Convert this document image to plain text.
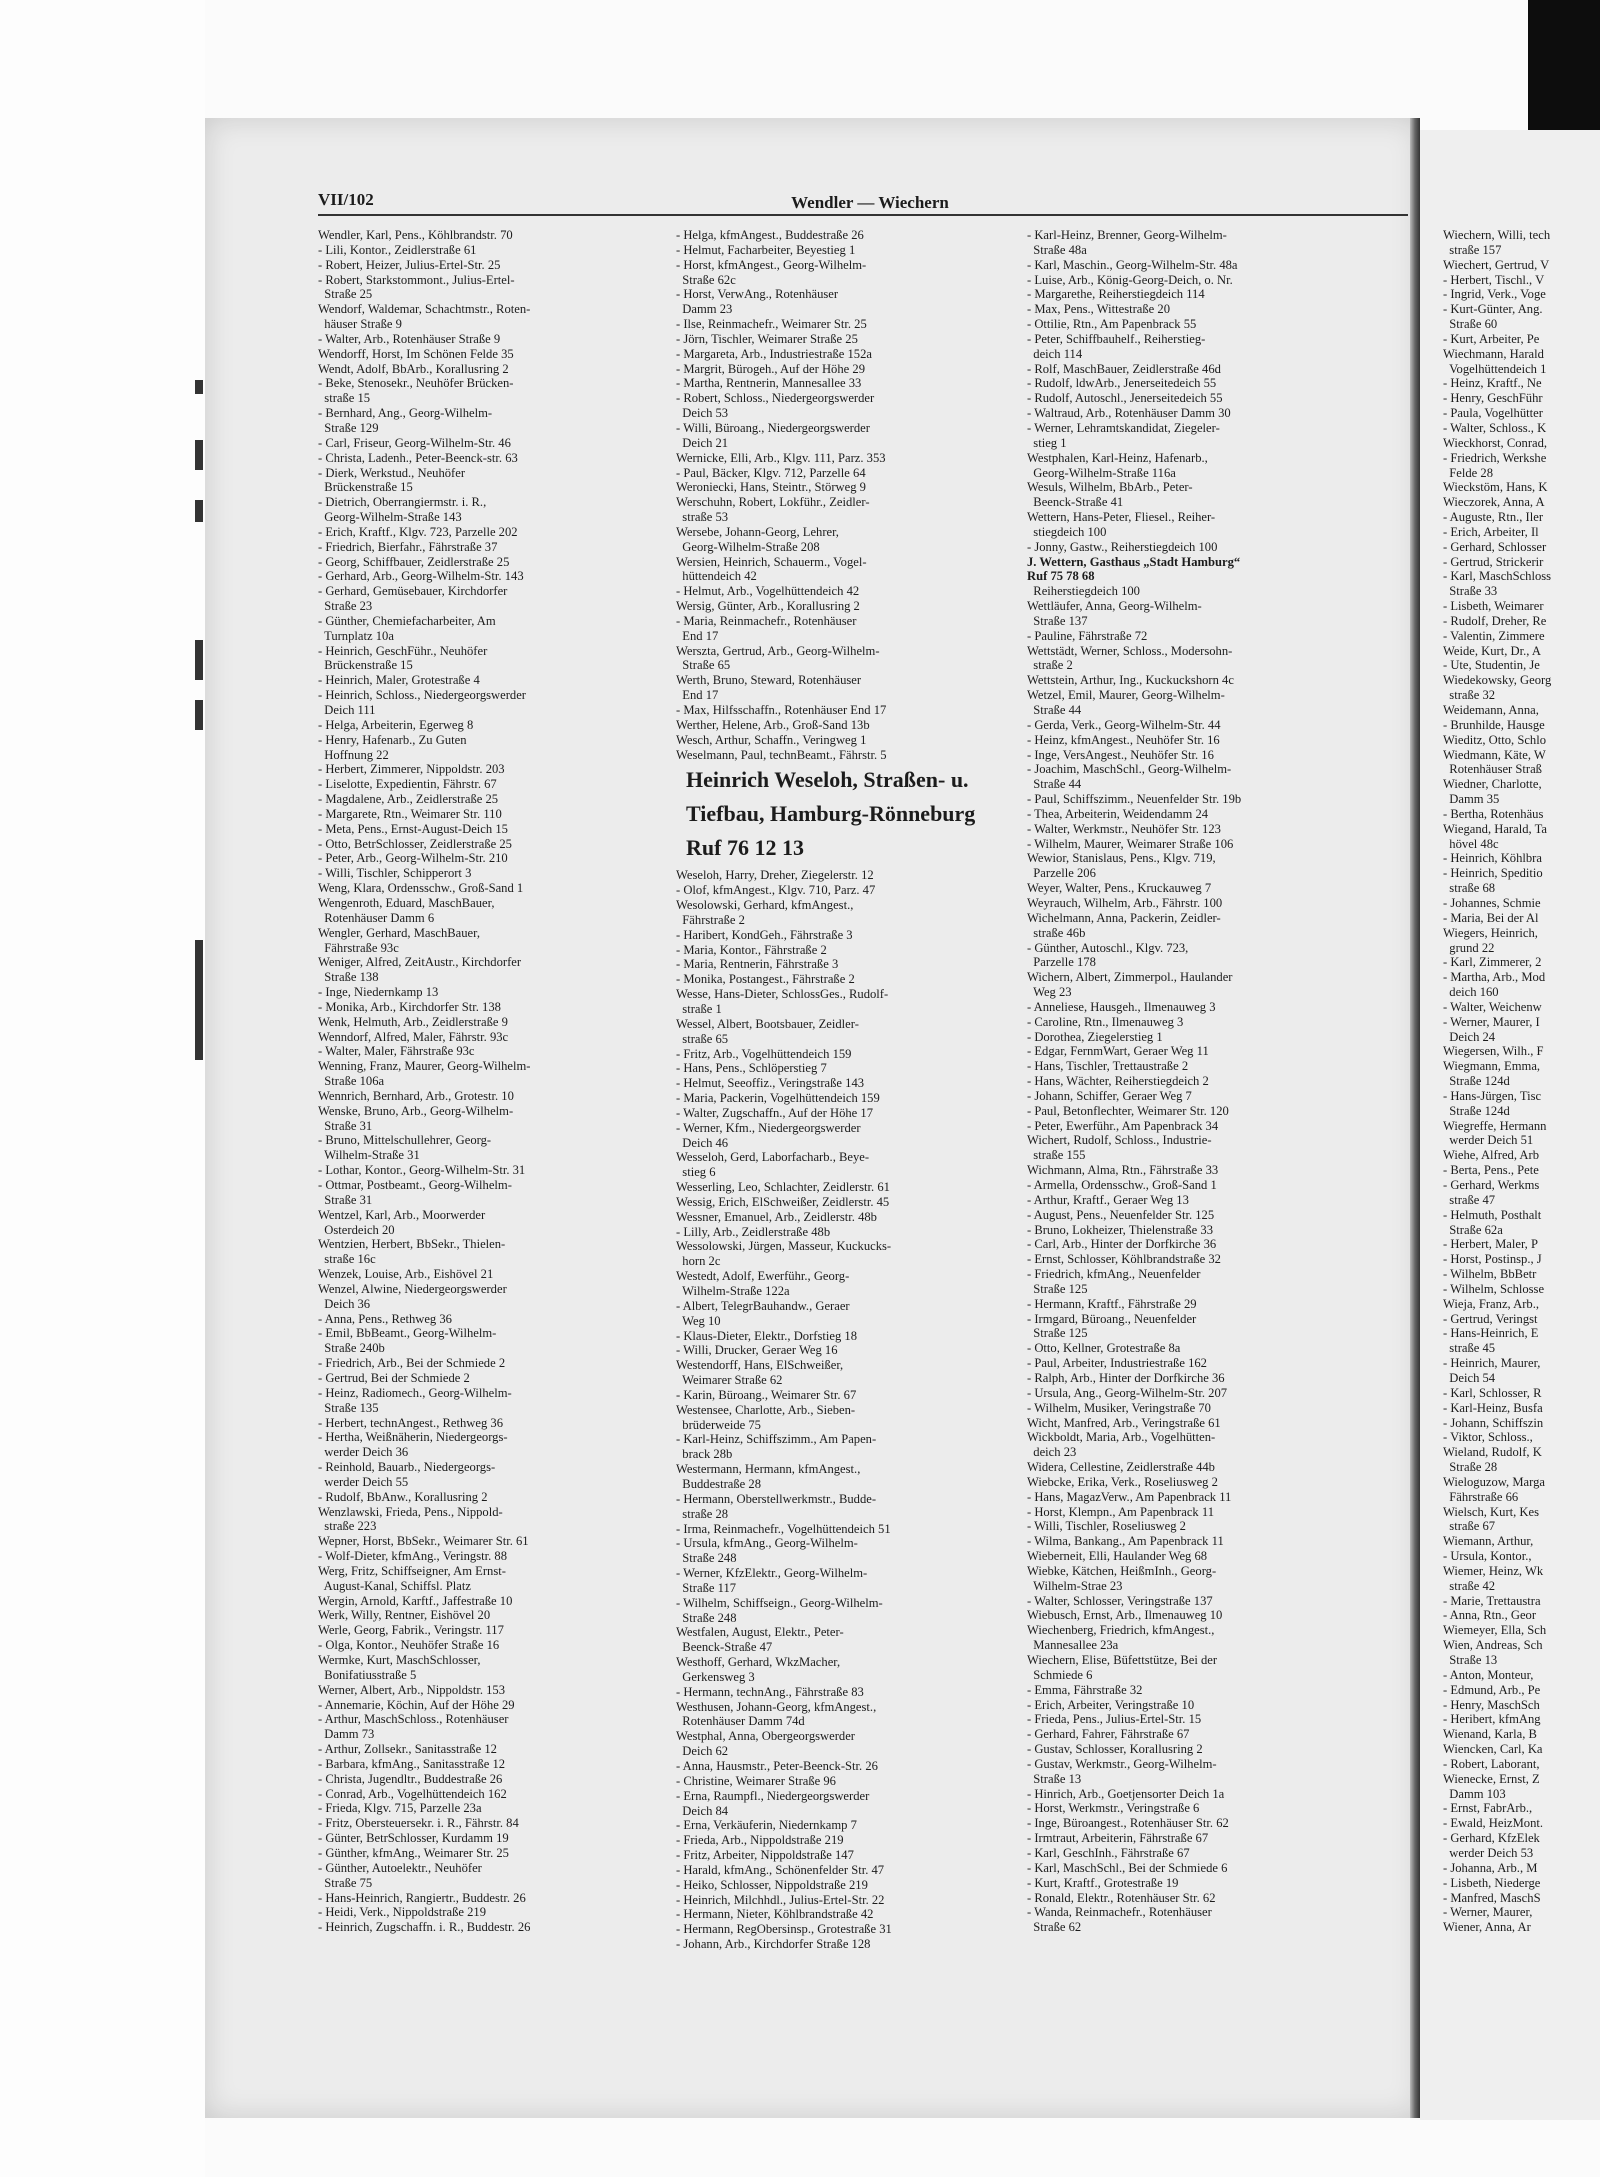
VII/102	Wendler — Wiechern
Wendler, Karl, Pens., Köhlbrandstr. 70
- Lili, Kontor., Zeidlerstraße 61
- Robert, Heizer, Julius-Ertel-Str. 25
- Robert, Starkstommont., Julius-Ertel-
Straße 25
Wendorf, Waldemar, Schachtmstr., Roten-
häuser Straße 9
- Walter, Arb., Rotenhäuser Straße 9
Wendorff, Horst, Im Schönen Felde 35
Wendt, Adolf, BbArb., Korallusring 2
- Beke, Stenosekr., Neuhöfer Brücken-
straße 15
- Bernhard, Ang., Georg-Wilhelm-
Straße 129
- Carl, Friseur, Georg-Wilhelm-Str. 46
- Christa, Ladenh., Peter-Beenck-str. 63
- Dierk, Werkstud., Neuhöfer
Brückenstraße 15
- Dietrich, Oberrangiermstr. i. R.,
Georg-Wilhelm-Straße 143
- Erich, Kraftf., Klgv. 723, Parzelle 202
- Friedrich, Bierfahr., Fährstraße 37
- Georg, Schiffbauer, Zeidlerstraße 25
- Gerhard, Arb., Georg-Wilhelm-Str. 143
- Gerhard, Gemüsebauer, Kirchdorfer
Straße 23
- Günther, Chemiefacharbeiter, Am
Turnplatz 10a
- Heinrich, GeschFühr., Neuhöfer
Brückenstraße 15
- Heinrich, Maler, Grotestraße 4
- Heinrich, Schloss., Niedergeorgswerder
Deich 111
- Helga, Arbeiterin, Egerweg 8
- Henry, Hafenarb., Zu Guten
Hoffnung 22
- Herbert, Zimmerer, Nippoldstr. 203
- Liselotte, Expedientin, Fährstr. 67
- Magdalene, Arb., Zeidlerstraße 25
- Margarete, Rtn., Weimarer Str. 110
- Meta, Pens., Ernst-August-Deich 15
- Otto, BetrSchlosser, Zeidlerstraße 25
- Peter, Arb., Georg-Wilhelm-Str. 210
- Willi, Tischler, Schipperort 3
Weng, Klara, Ordensschw., Groß-Sand 1
Wengenroth, Eduard, MaschBauer,
Rotenhäuser Damm 6
Wengler, Gerhard, MaschBauer,
Fährstraße 93c
Weniger, Alfred, ZeitAustr., Kirchdorfer
Straße 138
- Inge, Niedernkamp 13
- Monika, Arb., Kirchdorfer Str. 138
Wenk, Helmuth, Arb., Zeidlerstraße 9
Wenndorf, Alfred, Maler, Fährstr. 93c
- Walter, Maler, Fährstraße 93c
Wenning, Franz, Maurer, Georg-Wilhelm-
Straße 106a
Wennrich, Bernhard, Arb., Grotestr. 10
Wenske, Bruno, Arb., Georg-Wilhelm-
Straße 31
- Bruno, Mittelschullehrer, Georg-
Wilhelm-Straße 31
- Lothar, Kontor., Georg-Wilhelm-Str. 31
- Ottmar, Postbeamt., Georg-Wilhelm-
Straße 31
Wentzel, Karl, Arb., Moorwerder
Osterdeich 20
Wentzien, Herbert, BbSekr., Thielen-
straße 16c
Wenzek, Louise, Arb., Eishövel 21
Wenzel, Alwine, Niedergeorgswerder
Deich 36
- Anna, Pens., Rethweg 36
- Emil, BbBeamt., Georg-Wilhelm-
Straße 240b
- Friedrich, Arb., Bei der Schmiede 2
- Gertrud, Bei der Schmiede 2
- Heinz, Radiomech., Georg-Wilhelm-
Straße 135
- Herbert, technAngest., Rethweg 36
- Hertha, Weißnäherin, Niedergeorgs-
werder Deich 36
- Reinhold, Bauarb., Niedergeorgs-
werder Deich 55
- Rudolf, BbAnw., Korallusring 2
Wenzlawski, Frieda, Pens., Nippold-
straße 223
Wepner, Horst, BbSekr., Weimarer Str. 61
- Wolf-Dieter, kfmAng., Veringstr. 88
Werg, Fritz, Schiffseigner, Am Ernst-
August-Kanal, Schiffsl. Platz
Wergin, Arnold, Karftf., Jaffestraße 10
Werk, Willy, Rentner, Eishövel 20
Werle, Georg, Fabrik., Veringstr. 117
- Olga, Kontor., Neuhöfer Straße 16
Wermke, Kurt, MaschSchlosser,
Bonifatiusstraße 5
Werner, Albert, Arb., Nippoldstr. 153
- Annemarie, Köchin, Auf der Höhe 29
- Arthur, MaschSchloss., Rotenhäuser
Damm 73
- Arthur, Zollsekr., Sanitasstraße 12
- Barbara, kfmAng., Sanitasstraße 12
- Christa, Jugendltr., Buddestraße 26
- Conrad, Arb., Vogelhüttendeich 162
- Frieda, Klgv. 715, Parzelle 23a
- Fritz, Obersteuersekr. i. R., Fährstr. 84
- Günter, BetrSchlosser, Kurdamm 19
- Günther, kfmAng., Weimarer Str. 25
- Günther, Autoelektr., Neuhöfer
Straße 75
- Hans-Heinrich, Rangiertr., Buddestr. 26
- Heidi, Verk., Nippoldstraße 219
- Heinrich, Zugschaffn. i. R., Buddestr. 26
- Helga, kfmAngest., Buddestraße 26
- Helmut, Facharbeiter, Beyestieg 1
- Horst, kfmAngest., Georg-Wilhelm-
Straße 62c
- Horst, VerwAng., Rotenhäuser
Damm 23
- Ilse, Reinmachefr., Weimarer Str. 25
- Jörn, Tischler, Weimarer Straße 25
- Margareta, Arb., Industriestraße 152a
- Margrit, Bürogeh., Auf der Höhe 29
- Martha, Rentnerin, Mannesallee 33
- Robert, Schloss., Niedergeorgswerder
Deich 53
- Willi, Büroang., Niedergeorgswerder
Deich 21
Wernicke, Elli, Arb., Klgv. 111, Parz. 353
- Paul, Bäcker, Klgv. 712, Parzelle 64
Weroniecki, Hans, Steintr., Störweg 9
Werschuhn, Robert, Lokführ., Zeidler-
straße 53
Wersebe, Johann-Georg, Lehrer,
Georg-Wilhelm-Straße 208
Wersien, Heinrich, Schauerm., Vogel-
hüttendeich 42
- Helmut, Arb., Vogelhüttendeich 42
Wersig, Günter, Arb., Korallusring 2
- Maria, Reinmachefr., Rotenhäuser
End 17
Werszta, Gertrud, Arb., Georg-Wilhelm-
Straße 65
Werth, Bruno, Steward, Rotenhäuser
End 17
- Max, Hilfsschaffn., Rotenhäuser End 17
Werther, Helene, Arb., Groß-Sand 13b
Wesch, Arthur, Schaffn., Veringweg 1
Weselmann, Paul, technBeamt., Fährstr. 5
Heinrich Weseloh, Straßen- u.
Tiefbau, Hamburg-Rönneburg
Ruf 76 12 13
Weseloh, Harry, Dreher, Ziegelerstr. 12
- Olof, kfmAngest., Klgv. 710, Parz. 47
Wesolowski, Gerhard, kfmAngest.,
Fährstraße 2
- Haribert, KondGeh., Fährstraße 3
- Maria, Kontor., Fährstraße 2
- Maria, Rentnerin, Fährstraße 3
- Monika, Postangest., Fährstraße 2
Wesse, Hans-Dieter, SchlossGes., Rudolf-
straße 1
Wessel, Albert, Bootsbauer, Zeidler-
straße 65
- Fritz, Arb., Vogelhüttendeich 159
- Hans, Pens., Schlöperstieg 7
- Helmut, Seeoffiz., Veringstraße 143
- Maria, Packerin, Vogelhüttendeich 159
- Walter, Zugschaffn., Auf der Höhe 17
- Werner, Kfm., Niedergeorgswerder
Deich 46
Wesseloh, Gerd, Laborfacharb., Beye-
stieg 6
Wesserling, Leo, Schlachter, Zeidlerstr. 61
Wessig, Erich, ElSchweißer, Zeidlerstr. 45
Wessner, Emanuel, Arb., Zeidlerstr. 48b
- Lilly, Arb., Zeidlerstraße 48b
Wessolowski, Jürgen, Masseur, Kuckucks-
horn 2c
Westedt, Adolf, Ewerführ., Georg-
Wilhelm-Straße 122a
- Albert, TelegrBauhandw., Geraer
Weg 10
- Klaus-Dieter, Elektr., Dorfstieg 18
- Willi, Drucker, Geraer Weg 16
Westendorff, Hans, ElSchweißer,
Weimarer Straße 62
- Karin, Büroang., Weimarer Str. 67
Westensee, Charlotte, Arb., Sieben-
brüderweide 75
- Karl-Heinz, Schiffszimm., Am Papen-
brack 28b
Westermann, Hermann, kfmAngest.,
Buddestraße 28
- Hermann, Oberstellwerkmstr., Budde-
straße 28
- Irma, Reinmachefr., Vogelhüttendeich 51
- Ursula, kfmAng., Georg-Wilhelm-
Straße 248
- Werner, KfzElektr., Georg-Wilhelm-
Straße 117
- Wilhelm, Schiffseign., Georg-Wilhelm-
Straße 248
Westfalen, August, Elektr., Peter-
Beenck-Straße 47
Westhoff, Gerhard, WkzMacher,
Gerkensweg 3
- Hermann, technAng., Fährstraße 83
Westhusen, Johann-Georg, kfmAngest.,
Rotenhäuser Damm 74d
Westphal, Anna, Obergeorgswerder
Deich 62
- Anna, Hausmstr., Peter-Beenck-Str. 26
- Christine, Weimarer Straße 96
- Erna, Raumpfl., Niedergeorgswerder
Deich 84
- Erna, Verkäuferin, Niedernkamp 7
- Frieda, Arb., Nippoldstraße 219
- Fritz, Arbeiter, Nippoldstraße 147
- Harald, kfmAng., Schönenfelder Str. 47
- Heiko, Schlosser, Nippoldstraße 219
- Heinrich, Milchhdl., Julius-Ertel-Str. 22
- Hermann, Nieter, Köhlbrandstraße 42
- Hermann, RegObersinsp., Grotestraße 31
- Johann, Arb., Kirchdorfer Straße 128
- Karl-Heinz, Brenner, Georg-Wilhelm-
Straße 48a
- Karl, Maschin., Georg-Wilhelm-Str. 48a
- Luise, Arb., König-Georg-Deich, o. Nr.
- Margarethe, Reiherstiegdeich 114
- Max, Pens., Wittestraße 20
- Ottilie, Rtn., Am Papenbrack 55
- Peter, Schiffbauhelf., Reiherstieg-
deich 114
- Rolf, MaschBauer, Zeidlerstraße 46d
- Rudolf, ldwArb., Jenerseitedeich 55
- Rudolf, Autoschl., Jenerseitedeich 55
- Waltraud, Arb., Rotenhäuser Damm 30
- Werner, Lehramtskandidat, Ziegeler-
stieg 1
Westphalen, Karl-Heinz, Hafenarb.,
Georg-Wilhelm-Straße 116a
Wesuls, Wilhelm, BbArb., Peter-
Beenck-Straße 41
Wettern, Hans-Peter, Fliesel., Reiher-
stiegdeich 100
- Jonny, Gastw., Reiherstiegdeich 100
J. Wettern, Gasthaus „Stadt Hamburg“
Ruf 75 78 68
Reiherstiegdeich 100
Wettläufer, Anna, Georg-Wilhelm-
Straße 137
- Pauline, Fährstraße 72
Wettstädt, Werner, Schloss., Modersohn-
straße 2
Wettstein, Arthur, Ing., Kuckuckshorn 4c
Wetzel, Emil, Maurer, Georg-Wilhelm-
Straße 44
- Gerda, Verk., Georg-Wilhelm-Str. 44
- Heinz, kfmAngest., Neuhöfer Str. 16
- Inge, VersAngest., Neuhöfer Str. 16
- Joachim, MaschSchl., Georg-Wilhelm-
Straße 44
- Paul, Schiffszimm., Neuenfelder Str. 19b
- Thea, Arbeiterin, Weidendamm 24
- Walter, Werkmstr., Neuhöfer Str. 123
- Wilhelm, Maurer, Weimarer Straße 106
Wewior, Stanislaus, Pens., Klgv. 719,
Parzelle 206
Weyer, Walter, Pens., Kruckauweg 7
Weyrauch, Wilhelm, Arb., Fährstr. 100
Wichelmann, Anna, Packerin, Zeidler-
straße 46b
- Günther, Autoschl., Klgv. 723,
Parzelle 178
Wichern, Albert, Zimmerpol., Haulander
Weg 23
- Anneliese, Hausgeh., Ilmenauweg 3
- Caroline, Rtn., Ilmenauweg 3
- Dorothea, Ziegelerstieg 1
- Edgar, FernmWart, Geraer Weg 11
- Hans, Tischler, Trettaustraße 2
- Hans, Wächter, Reiherstiegdeich 2
- Johann, Schiffer, Geraer Weg 7
- Paul, Betonflechter, Weimarer Str. 120
- Peter, Ewerführ., Am Papenbrack 34
Wichert, Rudolf, Schloss., Industrie-
straße 155
Wichmann, Alma, Rtn., Fährstraße 33
- Armella, Ordensschw., Groß-Sand 1
- Arthur, Kraftf., Geraer Weg 13
- August, Pens., Neuenfelder Str. 125
- Bruno, Lokheizer, Thielenstraße 33
- Carl, Arb., Hinter der Dorfkirche 36
- Ernst, Schlosser, Köhlbrandstraße 32
- Friedrich, kfmAng., Neuenfelder
Straße 125
- Hermann, Kraftf., Fährstraße 29
- Irmgard, Büroang., Neuenfelder
Straße 125
- Otto, Kellner, Grotestraße 8a
- Paul, Arbeiter, Industriestraße 162
- Ralph, Arb., Hinter der Dorfkirche 36
- Ursula, Ang., Georg-Wilhelm-Str. 207
- Wilhelm, Musiker, Veringstraße 70
Wicht, Manfred, Arb., Veringstraße 61
Wickboldt, Maria, Arb., Vogelhütten-
deich 23
Widera, Cellestine, Zeidlerstraße 44b
Wiebcke, Erika, Verk., Roseliusweg 2
- Hans, MagazVerw., Am Papenbrack 11
- Horst, Klempn., Am Papenbrack 11
- Willi, Tischler, Roseliusweg 2
- Wilma, Bankang., Am Papenbrack 11
Wieberneit, Elli, Haulander Weg 68
Wiebke, Kätchen, HeißmInh., Georg-
Wilhelm-Straе 23
- Walter, Schlosser, Veringstraße 137
Wiebusch, Ernst, Arb., Ilmenauweg 10
Wiechenberg, Friedrich, kfmAngest.,
Mannesallee 23a
Wiechern, Elise, Büfettstütze, Bei der
Schmiede 6
- Emma, Fährstraße 32
- Erich, Arbeiter, Veringstraße 10
- Frieda, Pens., Julius-Ertel-Str. 15
- Gerhard, Fahrer, Fährstraße 67
- Gustav, Schlosser, Korallusring 2
- Gustav, Werkmstr., Georg-Wilhelm-
Straße 13
- Hinrich, Arb., Goetjensorter Deich 1a
- Horst, Werkmstr., Veringstraße 6
- Inge, Büroangest., Rotenhäuser Str. 62
- Irmtraut, Arbeiterin, Fährstraße 67
- Karl, GeschInh., Fährstraße 67
- Karl, MaschSchl., Bei der Schmiede 6
- Kurt, Kraftf., Grotestraße 19
- Ronald, Elektr., Rotenhäuser Str. 62
- Wanda, Reinmachefr., Rotenhäuser
Straße 62
Wiechern, Willi, tech
straße 157
Wiechert, Gertrud, V
- Herbert, Tischl., V
- Ingrid, Verk., Voge
- Kurt-Günter, Ang.
Straße 60
- Kurt, Arbeiter, Pe
Wiechmann, Harald
Vogelhüttendeich 1
- Heinz, Kraftf., Ne
- Henry, GeschFühr
- Paula, Vogelhütter
- Walter, Schloss., K
Wieckhorst, Conrad,
- Friedrich, Werkshe
Felde 28
Wieckstöm, Hans, K
Wieczorek, Anna, A
- Auguste, Rtn., Iler
- Erich, Arbeiter, Il
- Gerhard, Schlosser
- Gertrud, Strickerir
- Karl, MaschSchloss
Straße 33
- Lisbeth, Weimarer
- Rudolf, Dreher, Re
- Valentin, Zimmere
Weide, Kurt, Dr., A
- Ute, Studentin, Je
Wiedekowsky, Georg
straße 32
Weidemann, Anna,
- Brunhilde, Hausge
Wieditz, Otto, Schlo
Wiedmann, Käte, W
Rotenhäuser Straß
Wiedner, Charlotte,
Damm 35
- Bertha, Rotenhäus
Wiegand, Harald, Ta
hövel 48c
- Heinrich, Köhlbra
- Heinrich, Speditio
straße 68
- Johannes, Schmie
- Maria, Bei der Al
Wiegers, Heinrich,
grund 22
- Karl, Zimmerer, 2
- Martha, Arb., Mod
deich 160
- Walter, Weichenw
- Werner, Maurer, I
Deich 24
Wiegersen, Wilh., F
Wiegmann, Emma,
Straße 124d
- Hans-Jürgen, Tisc
Straße 124d
Wiegreffe, Hermann
werder Deich 51
Wiehe, Alfred, Arb
- Berta, Pens., Pete
- Gerhard, Werkms
straße 47
- Helmuth, Posthalt
Straße 62a
- Herbert, Maler, P
- Horst, Postinsp., J
- Wilhelm, BbBetr
- Wilhelm, Schlosse
Wieja, Franz, Arb.,
- Gertrud, Veringst
- Hans-Heinrich, E
straße 45
- Heinrich, Maurer,
Deich 54
- Karl, Schlosser, R
- Karl-Heinz, Busfa
- Johann, Schiffszin
- Viktor, Schloss.,
Wieland, Rudolf, K
Straße 28
Wieloguzow, Marga
Fährstraße 66
Wielsch, Kurt, Kes
straße 67
Wiemann, Arthur,
- Ursula, Kontor.,
Wiemer, Heinz, Wk
straße 42
- Marie, Trettaustra
- Anna, Rtn., Geor
Wiemeyer, Ella, Sch
Wien, Andreas, Sch
Straße 13
- Anton, Monteur,
- Edmund, Arb., Pe
- Henry, MaschSch
- Heribert, kfmAng
Wienand, Karla, B
Wiencken, Carl, Ka
- Robert, Laborant,
Wienecke, Ernst, Z
Damm 103
- Ernst, FabrArb.,
- Ewald, HeizMont.
- Gerhard, KfzElek
werder Deich 53
- Johanna, Arb., M
- Lisbeth, Niederge
- Manfred, MaschS
- Werner, Maurer,
Wiener, Anna, Ar
